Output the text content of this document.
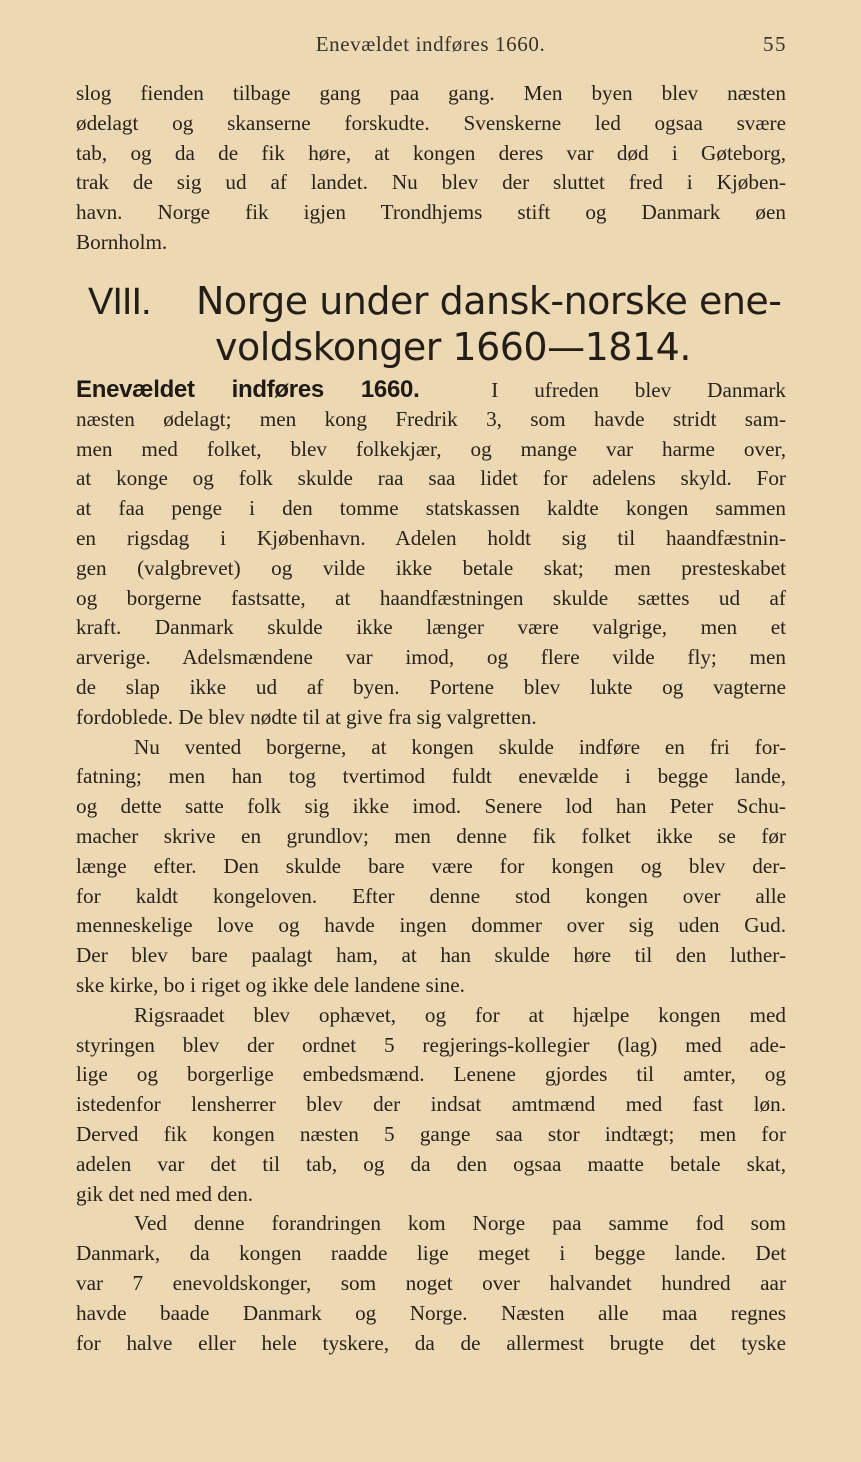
Enevældet indføres 1660.	55
slog fienden tilbage gang paa gang. Men byen blev næsten
ødelagt og skanserne forskudte. Svenskerne led ogsaa svære
tab, og da de fik høre, at kongen deres var død i Gøteborg,
trak de sig ud af landet. Nu blev der sluttet fred i Kjøben-
havn. Norge fik igjen Trondhjems stift og Danmark øen
Bornholm.
VIII. Norge under dansk-norske ene-
voldskonger 1660—1814.
Enevældet indføres 1660.	I ufreden blev Danmark
næsten ødelagt; men kong Fredrik 3, som havde stridt sam-
men med folket, blev folkekjær, og mange var harme over,
at konge og folk skulde raa saa lidet for adelens skyld. For
at faa penge i den tomme statskassen kaldte kongen sammen
en rigsdag i Kjøbenhavn. Adelen holdt sig til haandfæstnin-
gen (valgbrevet) og vilde ikke betale skat; men presteskabet
og borgerne fastsatte, at haandfæstningen skulde sættes ud af
kraft. Danmark skulde ikke længer være valgrige, men et
arverige. Adelsmændene var imod, og flere vilde fly; men
de slap ikke ud af byen. Portene blev lukte og vagterne
fordoblede. De blev nødte til at give fra sig valgretten.
Nu vented borgerne, at kongen skulde indføre en fri for-
fatning; men han tog tvertimod fuldt enevælde i begge lande,
og dette satte folk sig ikke imod. Senere lod han Peter Schu-
macher skrive en grundlov; men denne fik folket ikke se før
længe efter. Den skulde bare være for kongen og blev der-
for kaldt kongeloven. Efter denne stod kongen over alle
menneskelige love og havde ingen dommer over sig uden Gud.
Der blev bare paalagt ham, at han skulde høre til den luther-
ske kirke, bo i riget og ikke dele landene sine.
Rigsraadet blev ophævet, og for at hjælpe kongen med
styringen blev der ordnet 5 regjerings-kollegier (lag) med ade-
lige og borgerlige embedsmænd. Lenene gjordes til amter, og
istedenfor lensherrer blev der indsat amtmænd med fast løn.
Derved fik kongen næsten 5 gange saa stor indtægt; men for
adelen var det til tab, og da den ogsaa maatte betale skat,
gik det ned med den.
Ved denne forandringen kom Norge paa samme fod som
Danmark, da kongen raadde lige meget i begge lande. Det
var 7 enevoldskonger, som noget over halvandet hundred aar
havde baade Danmark og Norge. Næsten alle maa regnes
for halve eller hele tyskere, da de allermest brugte det tyske
